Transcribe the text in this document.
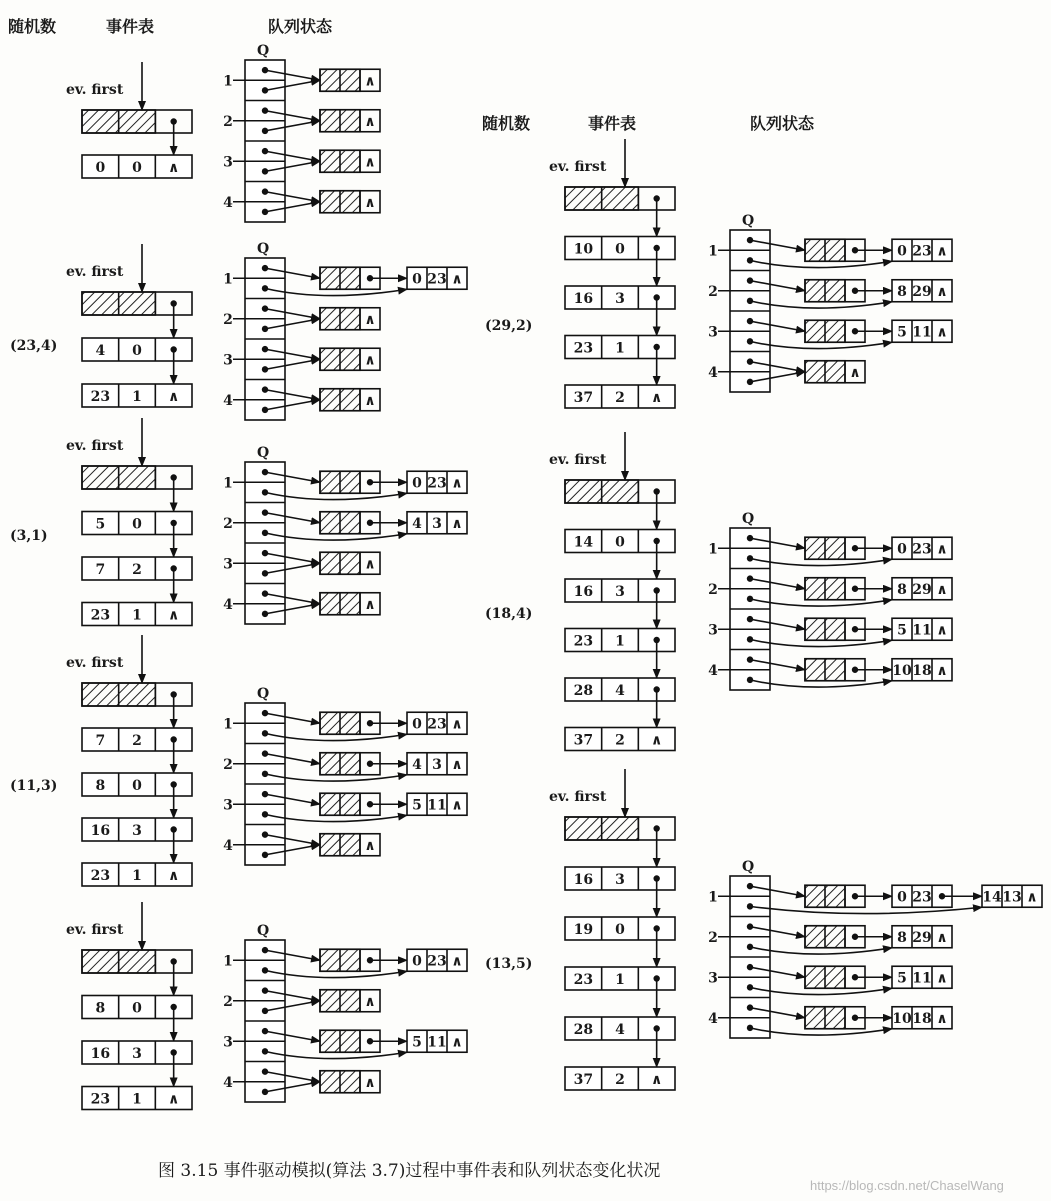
随机数	事件表	队列状态
随机数	事件表	队列状态
图 3.15 事件驱动模拟(算法 3.7)过程中事件表和队列状态变化状况
https://blog.csdn.net/ChaselWang
ev. first
0 0 ∧
Q
1	∧
2	∧
3	∧
4	∧
(23,4)
ev. first
4 0
23 1 ∧
Q
1	0 23 ∧
2	∧
3	∧
4	∧
(3,1)
ev. first
5 0
7 2
23 1 ∧
Q
1	0 23 ∧
2	4 3 ∧
3	∧
4	∧
(11,3)
ev. first
7 2
8 0
16 3
23 1 ∧
Q
1	0 23 ∧
2	4 3 ∧
3	5 11 ∧
4	∧
ev. first
8 0
16 3
23 1 ∧
Q
1	0 23 ∧
2	∧
3	5 11 ∧
4	∧
(29,2)
ev. first
10 0
16 3
23 1
37 2 ∧
Q
1	0 23 ∧
2	8 29 ∧
3	5 11 ∧
4	∧
(18,4)
ev. first
14 0
16 3
23 1
28 4
37 2 ∧
Q
1	0 23 ∧
2	8 29 ∧
3	5 11 ∧
4	10 18 ∧
(13,5)
ev. first
16 3
19 0
23 1
28 4
37 2 ∧
Q
1	0 23	14 13 ∧
2	8 29 ∧
3	5 11 ∧
4	10 18 ∧
